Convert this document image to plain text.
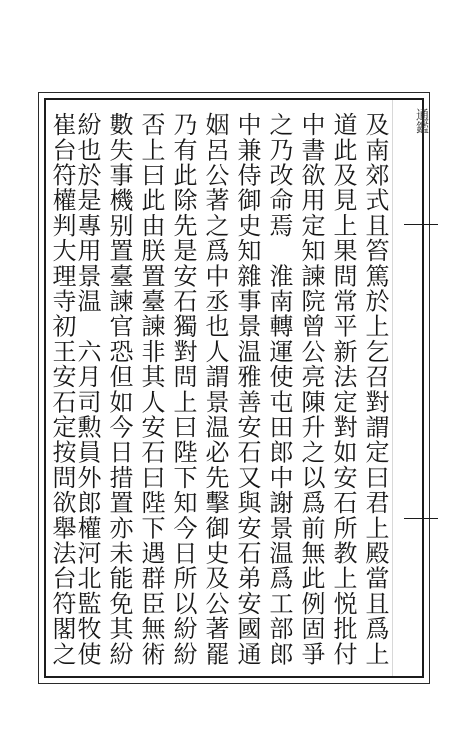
通鑑
及南郊式且笞篤於上乞召對謂定曰君上殿當且爲上
道此及見上果問常平新法定對如安石所教上悦批付
中書欲用定知諫院曾公亮陳升之以爲前無此例固爭
之乃改命焉　淮南轉運使屯田郎中謝景温爲工部郎
中兼侍御史知雜事景温雅善安石又與安石弟安國通
姻呂公著之爲中丞也人謂景温必先擊御史及公著罷
乃有此除先是安石獨對問上曰陛下知今日所以紛紛
否上曰此由朕置臺諫非其人安石曰陛下遇群臣無術
數失事機别置臺諫官恐但如今日措置亦未能免其紛
紛也於是專用景温　六月司勲員外郎權河北監牧使
崔台符權判大理寺初王安石定按問欲舉法台符閣之
